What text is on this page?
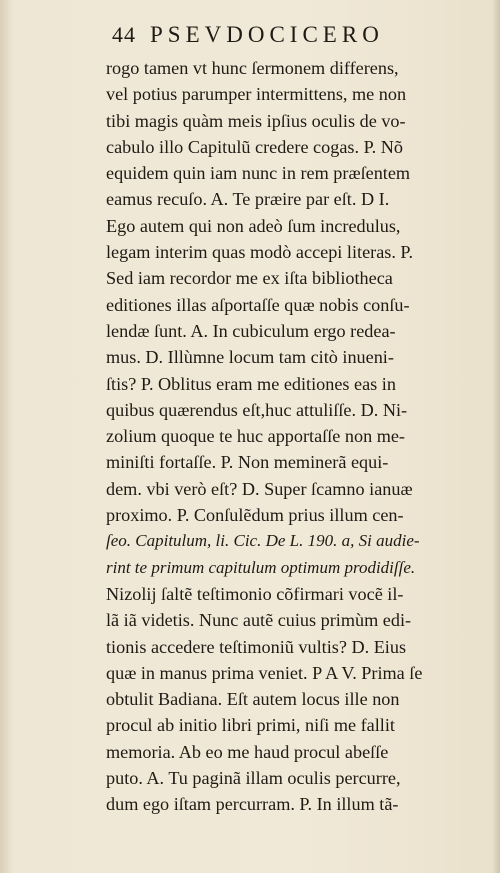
44 PSEVDOCICERO
rogo tamen vt hunc ſermonem differens,
vel potius parumper intermittens, me non
tibi magis quàm meis ipſius oculis de vo-
cabulo illo Capitulũ credere cogas. P. Nõ
equidem quin iam nunc in rem præſentem
eamus recuſo. A. Te præire par eſt. D I.
Ego autem qui non adeò ſum incredulus,
legam interim quas modò accepi literas. P.
Sed iam recordor me ex iſta bibliotheca
editiones illas aſportaſſe quæ nobis conſu-
lendæ ſunt. A. In cubiculum ergo redea-
mus. D. Illùmne locum tam citò inueni-
ſtis? P. Oblitus eram me editiones eas in
quibus quærendus eſt,huc attuliſſe. D. Ni-
zolium quoque te huc apportaſſe non me-
miniſti fortaſſe. P. Non meminerã equi-
dem. vbi verò eſt? D. Super ſcamno ianuæ
proximo. P. Conſulẽdum prius illum cen-
ſeo. Capitulum, li. Cic. De L. 190. a, Si audie-
rint te primum capitulum optimum prodidiſſe.
Nizolij ſaltẽ teſtimonio cõfirmari vocẽ il-
lã iã videtis. Nunc autẽ cuius primùm edi-
tionis accedere teſtimoniũ vultis? D. Eius
quæ in manus prima veniet. P A V. Prima ſe
obtulit Badiana. Eſt autem locus ille non
procul ab initio libri primi, niſi me fallit
memoria. Ab eo me haud procul abeſſe
puto. A. Tu paginã illam oculis percurre,
dum ego iſtam percurram. P. In illum tã-
